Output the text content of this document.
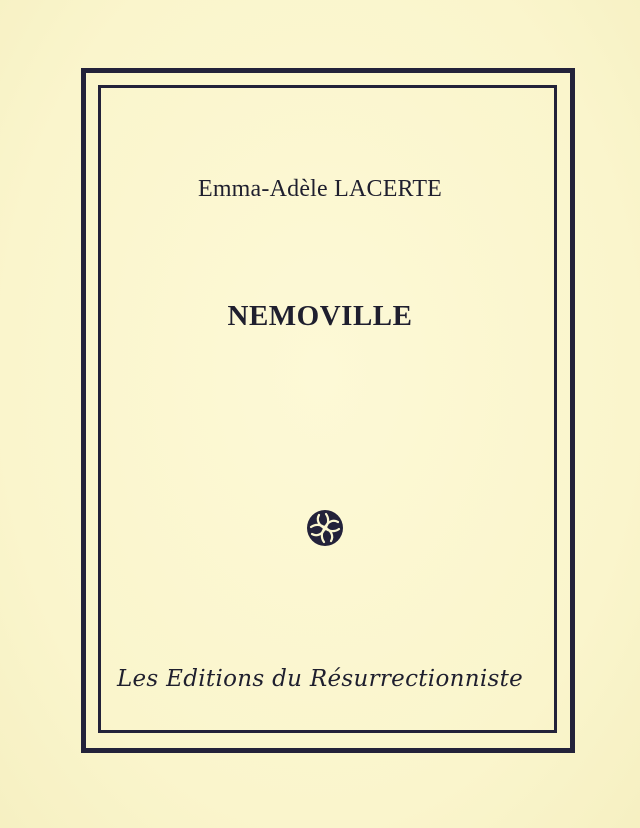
Emma-Adèle LACERTE
NEMOVILLE
Les Editions du Résurrectionniste
